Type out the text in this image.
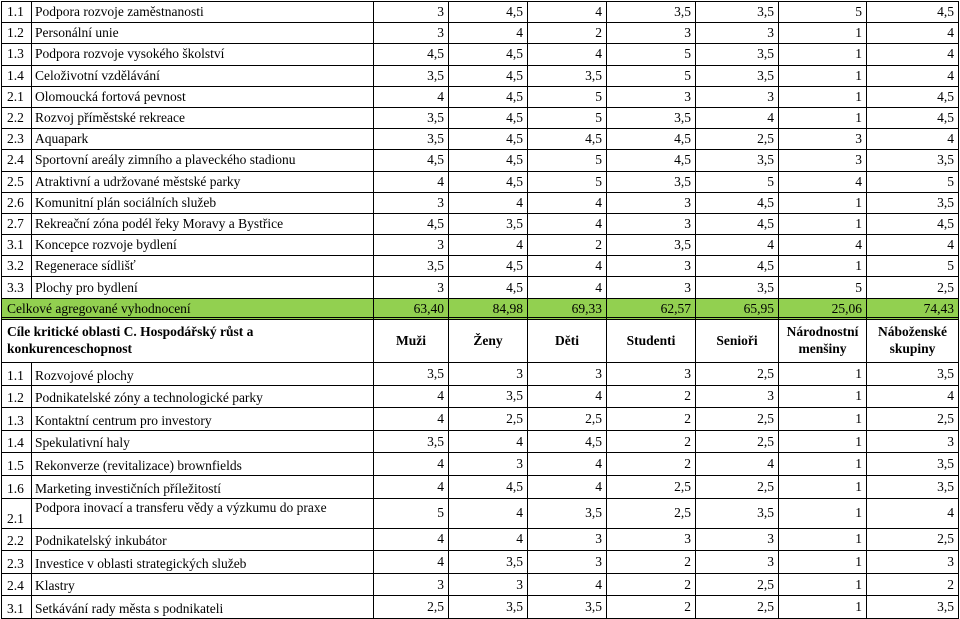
1.1	Podpora rozvoje zaměstnanosti	3	4,5	4	3,5	3,5	5	4,5
1.2	Personální unie	3	4	2	3	3	1	4
1.3	Podpora rozvoje vysokého školství	4,5	4,5	4	5	3,5	1	4
1.4	Celoživotní vzdělávání	3,5	4,5	3,5	5	3,5	1	4
2.1	Olomoucká fortová pevnost	4	4,5	5	3	3	1	4,5
2.2	Rozvoj příměstské rekreace	3,5	4,5	5	3,5	4	1	4,5
2.3	Aquapark	3,5	4,5	4,5	4,5	2,5	3	4
2.4	Sportovní areály zimního a plaveckého stadionu	4,5	4,5	5	4,5	3,5	3	3,5
2.5	Atraktivní a udržované městské parky	4	4,5	5	3,5	5	4	5
2.6	Komunitní plán sociálních služeb	3	4	4	3	4,5	1	3,5
2.7	Rekreační zóna podél řeky Moravy a Bystřice	4,5	3,5	4	3	4,5	1	4,5
3.1	Koncepce rozvoje bydlení	3	4	2	3,5	4	4	4
3.2	Regenerace sídlišť	3,5	4,5	4	3	4,5	1	5
3.3	Plochy pro bydlení	3	4,5	4	3	3,5	5	2,5
Celkové agregované vyhodnocení		63,40	84,98	69,33	62,57	65,95	25,06	74,43
Cíle kritické oblasti C. Hospodářský růst a konkurenceschopnost		Muži	Ženy	Děti	Studenti	Senioři	Národnostní menšiny	Náboženské skupiny
1.1	Rozvojové plochy	3,5	3	3	3	2,5	1	3,5
1.2	Podnikatelské zóny a technologické parky	4	3,5	4	2	3	1	4
1.3	Kontaktní centrum pro investory	4	2,5	2,5	2	2,5	1	2,5
1.4	Spekulativní haly	3,5	4	4,5	2	2,5	1	3
1.5	Rekonverze (revitalizace) brownfields	4	3	4	2	4	1	3,5
1.6	Marketing investičních příležitostí	4	4,5	4	2,5	2,5	1	3,5
2.1	Podpora inovací a transferu vědy a výzkumu do praxe	5	4	3,5	2,5	3,5	1	4
2.2	Podnikatelský inkubátor	4	4	3	3	3	1	2,5
2.3	Investice v oblasti strategických služeb	4	3,5	3	2	3	1	3
2.4	Klastry	3	3	4	2	2,5	1	2
3.1	Setkávání rady města s podnikateli	2,5	3,5	3,5	2	2,5	1	3,5
